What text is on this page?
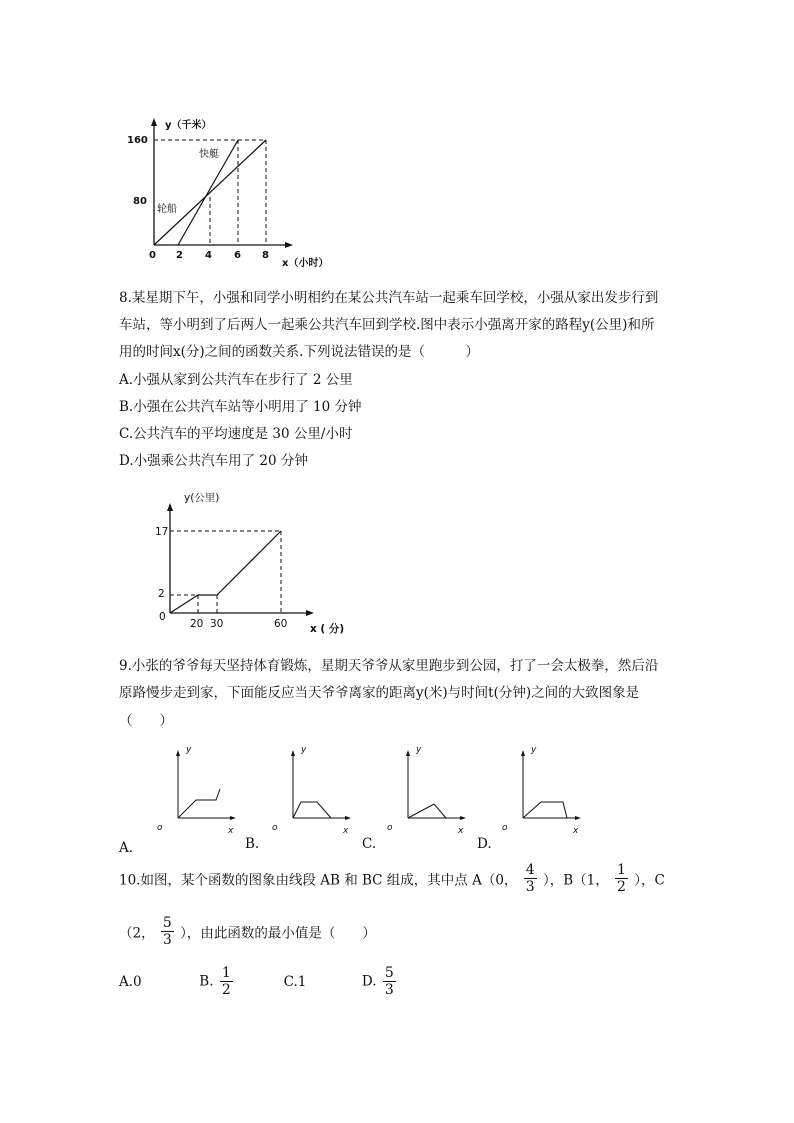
y（千米）
160
80
0 2 4 6 8
x（小时）
快艇
轮船
8.某星期下午，小强和同学小明相约在某公共汽车站一起乘车回学校，小强从家出发步行到
车站，等小明到了后两人一起乘公共汽车回到学校.图中表示小强离开家的路程y(公里)和所
用的时间x(分)之间的函数关系.下列说法错误的是（　　　）
A.小强从家到公共汽车在步行了 2 公里
B.小强在公共汽车站等小明用了 10 分钟
C.公共汽车的平均速度是 30 公里/小时
D.小强乘公共汽车用了 20 分钟
y(公里)
17
2
0
20 30	60 x ( 分)
9.小张的爷爷每天坚持体育锻炼，星期天爷爷从家里跑步到公园，打了一会太极拳，然后沿
原路慢步走到家，下面能反应当天爷爷离家的距离y(米)与时间t(分钟)之间的大致图象是
（　　）
y
x
o
y
x
o
y
x
o
y
x
o
A．	B.	C.	D.
10.如图，某个函数的图象由线段 AB 和 BC 组成，其中点 A（0， $\frac{4}{3}$ ），B（1， $\frac{1}{2}$ ），C
（2， $\frac{5}{3}$ ），由此函数的最小值是（　　）
A.0	B. $\frac{1}{2}$	C.1	D. $\frac{5}{3}$
